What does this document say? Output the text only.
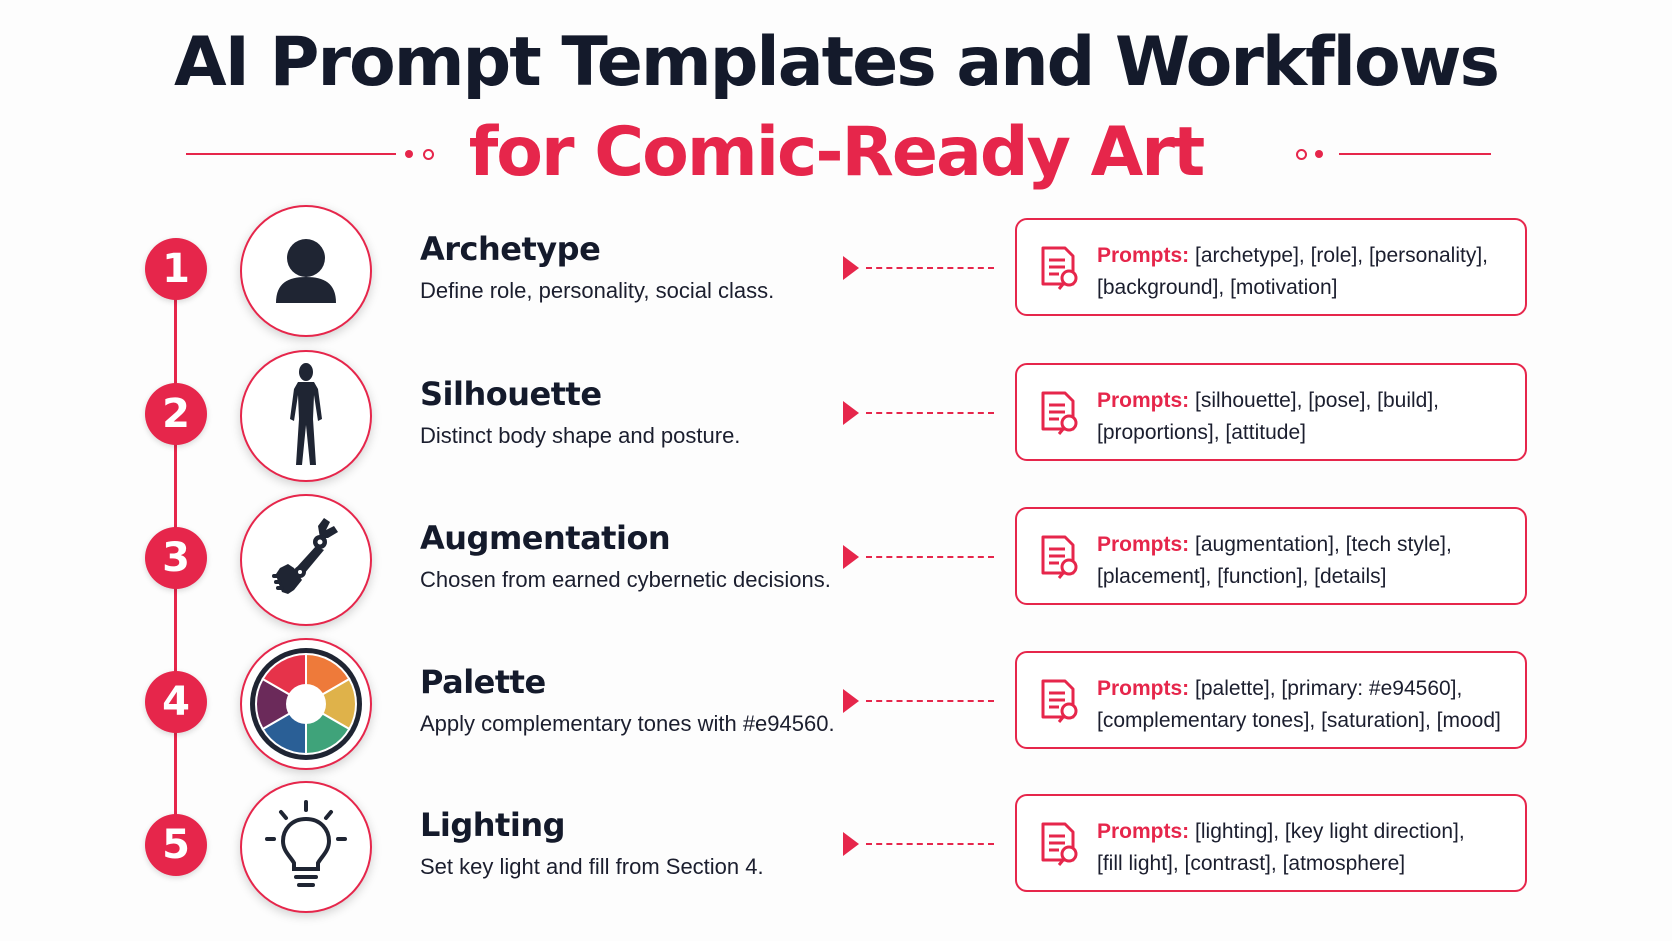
AI Prompt Templates and Workflows
for Comic-Ready Art
1	Archetype
Define role, personality, social class.
Prompts: [archetype], [role], [personality],
[background], [motivation]
2	Silhouette
Distinct body shape and posture.
Prompts: [silhouette], [pose], [build],
[proportions], [attitude]
3	Augmentation
Chosen from earned cybernetic decisions.
Prompts: [augmentation], [tech style],
[placement], [function], [details]
4	Palette
Apply complementary tones with #e94560.
Prompts: [palette], [primary: #e94560],
[complementary tones], [saturation], [mood]
5	Lighting
Set key light and fill from Section 4.
Prompts: [lighting], [key light direction],
[fill light], [contrast], [atmosphere]
